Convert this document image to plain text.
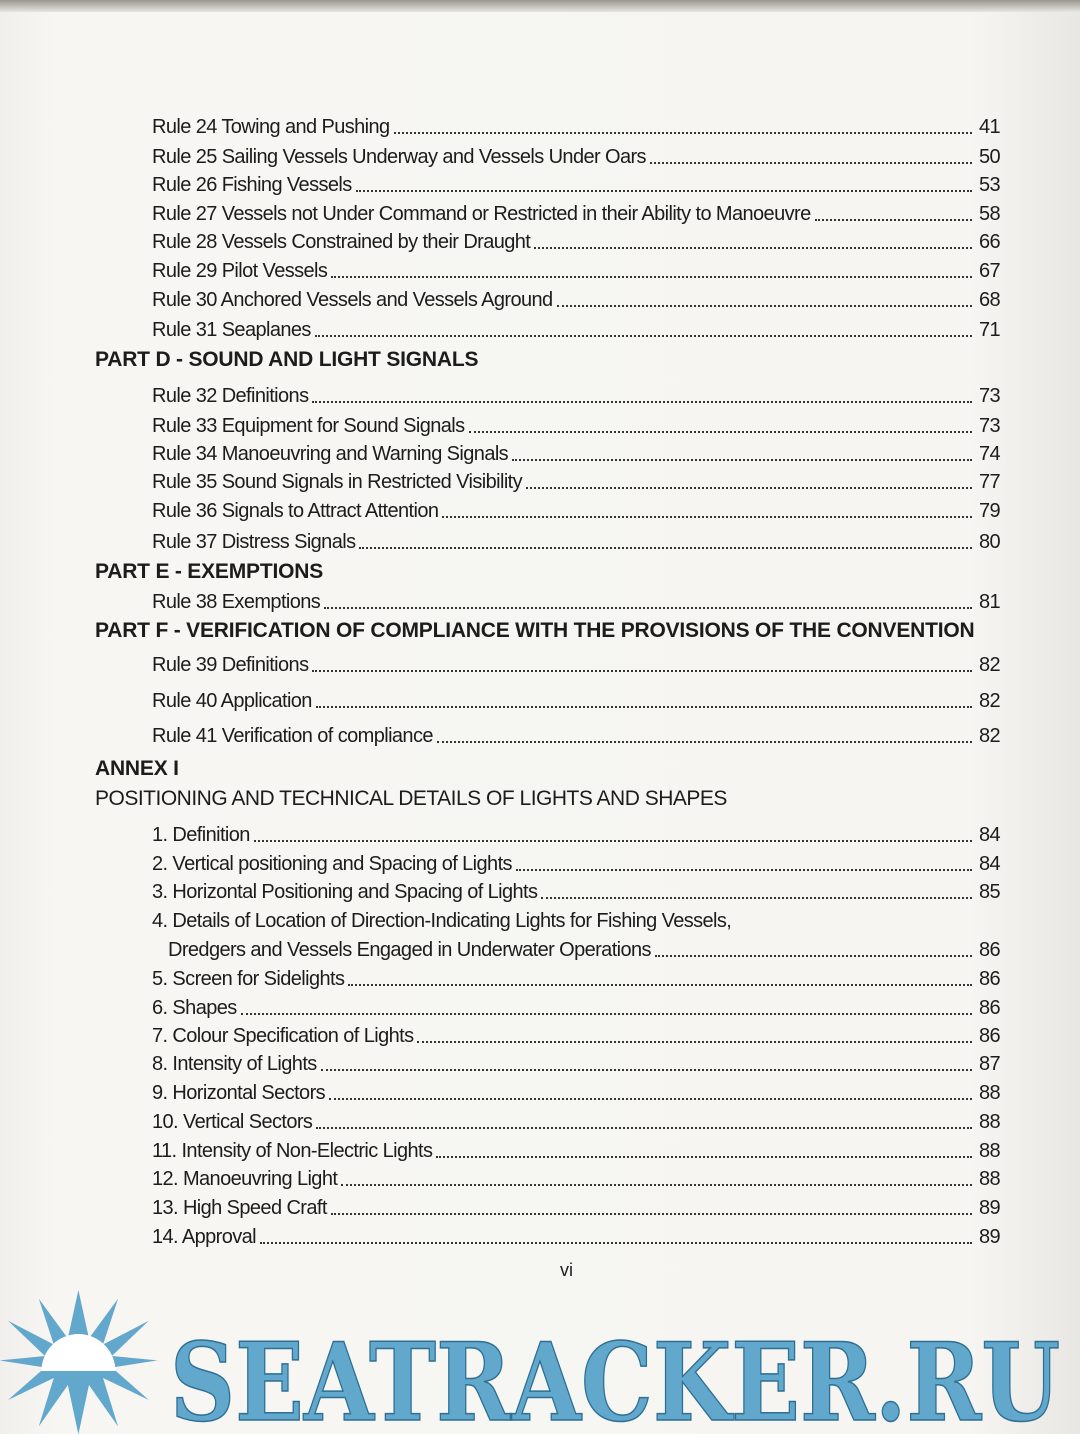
Rule 24 Towing and Pushing	41
Rule 25 Sailing Vessels Underway and Vessels Under Oars	50
Rule 26 Fishing Vessels	53
Rule 27 Vessels not Under Command or Restricted in their Ability to Manoeuvre	58
Rule 28 Vessels Constrained by their Draught	66
Rule 29 Pilot Vessels	67
Rule 30 Anchored Vessels and Vessels Aground	68
Rule 31 Seaplanes	71
PART D - SOUND AND LIGHT SIGNALS
Rule 32 Definitions	73
Rule 33 Equipment for Sound Signals	73
Rule 34 Manoeuvring and Warning Signals	74
Rule 35 Sound Signals in Restricted Visibility	77
Rule 36 Signals to Attract Attention	79
Rule 37 Distress Signals	80
PART E - EXEMPTIONS
Rule 38 Exemptions	81
PART F - VERIFICATION OF COMPLIANCE WITH THE PROVISIONS OF THE CONVENTION
Rule 39 Definitions	82
Rule 40 Application	82
Rule 41 Verification of compliance	82
ANNEX I
POSITIONING AND TECHNICAL DETAILS OF LIGHTS AND SHAPES
1. Definition	84
2. Vertical positioning and Spacing of Lights	84
3. Horizontal Positioning and Spacing of Lights	85
4. Details of Location of Direction-Indicating Lights for Fishing Vessels,
Dredgers and Vessels Engaged in Underwater Operations	86
5. Screen for Sidelights	86
6. Shapes	86
7. Colour Specification of Lights	86
8. Intensity of Lights	87
9. Horizontal Sectors	88
10. Vertical Sectors	88
11. Intensity of Non-Electric Lights	88
12. Manoeuvring Light	88
13. High Speed Craft	89
14. Approval	89
vi
SEATRACKER.RU
